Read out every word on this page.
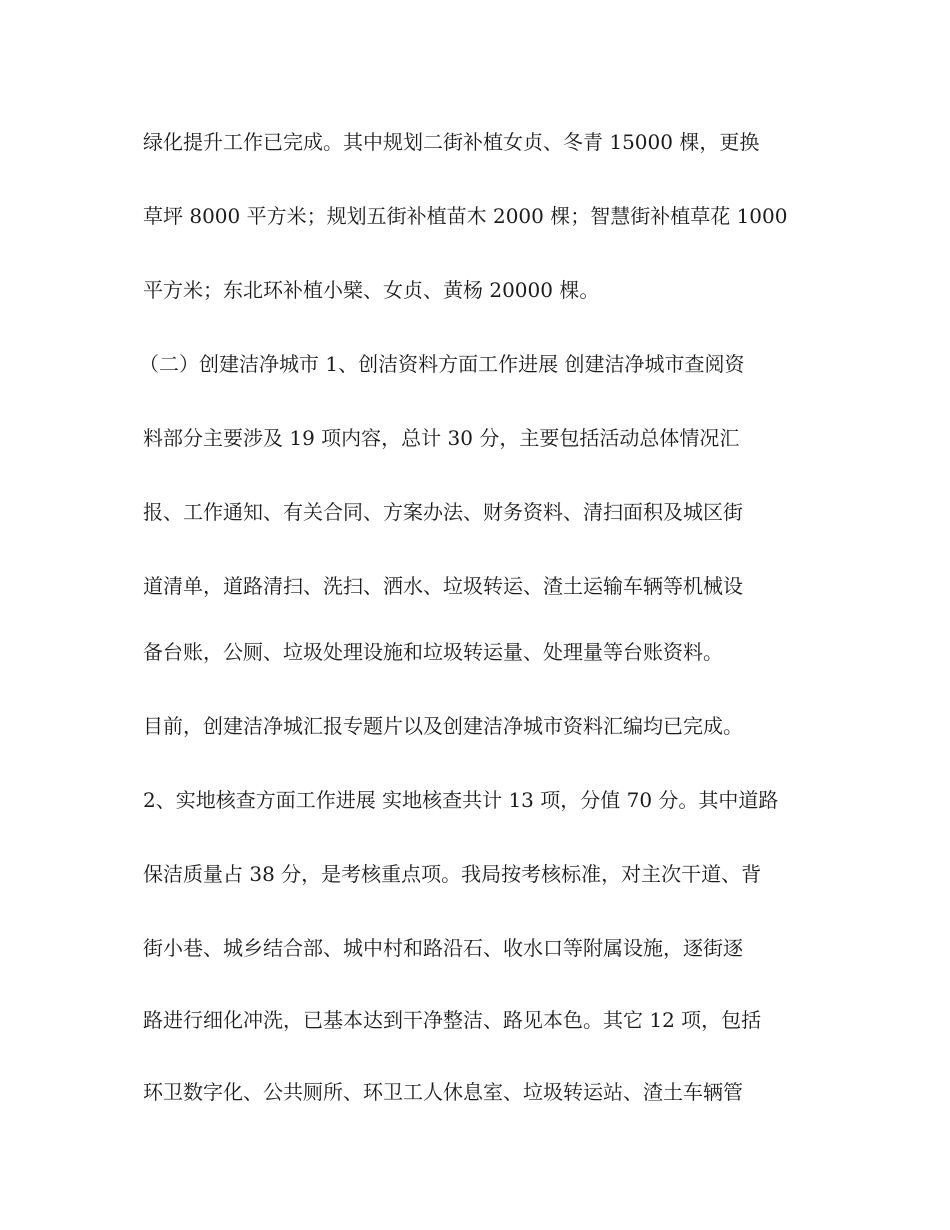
绿化提升工作已完成。其中规划二街补植女贞、冬青 15000 棵，更换
草坪 8000 平方米；规划五街补植苗木 2000 棵；智慧街补植草花 1000
平方米；东北环补植小檗、女贞、黄杨 20000 棵。
（二）创建洁净城市 1、创洁资料方面工作进展 创建洁净城市查阅资
料部分主要涉及 19 项内容，总计 30 分，主要包括活动总体情况汇
报、工作通知、有关合同、方案办法、财务资料、清扫面积及城区街
道清单，道路清扫、洗扫、洒水、垃圾转运、渣土运输车辆等机械设
备台账，公厕、垃圾处理设施和垃圾转运量、处理量等台账资料。
目前，创建洁净城汇报专题片以及创建洁净城市资料汇编均已完成。
2、实地核查方面工作进展 实地核查共计 13 项，分值 70 分。其中道路
保洁质量占 38 分，是考核重点项。我局按考核标准，对主次干道、背
街小巷、城乡结合部、城中村和路沿石、收水口等附属设施，逐街逐
路进行细化冲洗，已基本达到干净整洁、路见本色。其它 12 项，包括
环卫数字化、公共厕所、环卫工人休息室、垃圾转运站、渣土车辆管
